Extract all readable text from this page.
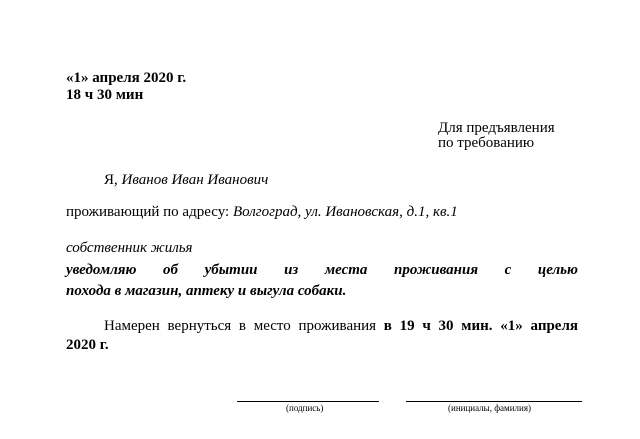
«1» апреля 2020 г.
18 ч 30 мин
Для предъявления
по требованию
Я, Иванов Иван Иванович
проживающий по адресу: Волгоград, ул. Ивановская, д.1, кв.1
собственник жилья
уведомляю об убытии из места проживания с целью
похода в магазин, аптеку и выгула собаки.
Намерен вернуться в место проживания в 19 ч 30 мин. «1» апреля
2020 г.
(подпись)	(инициалы, фамилия)
